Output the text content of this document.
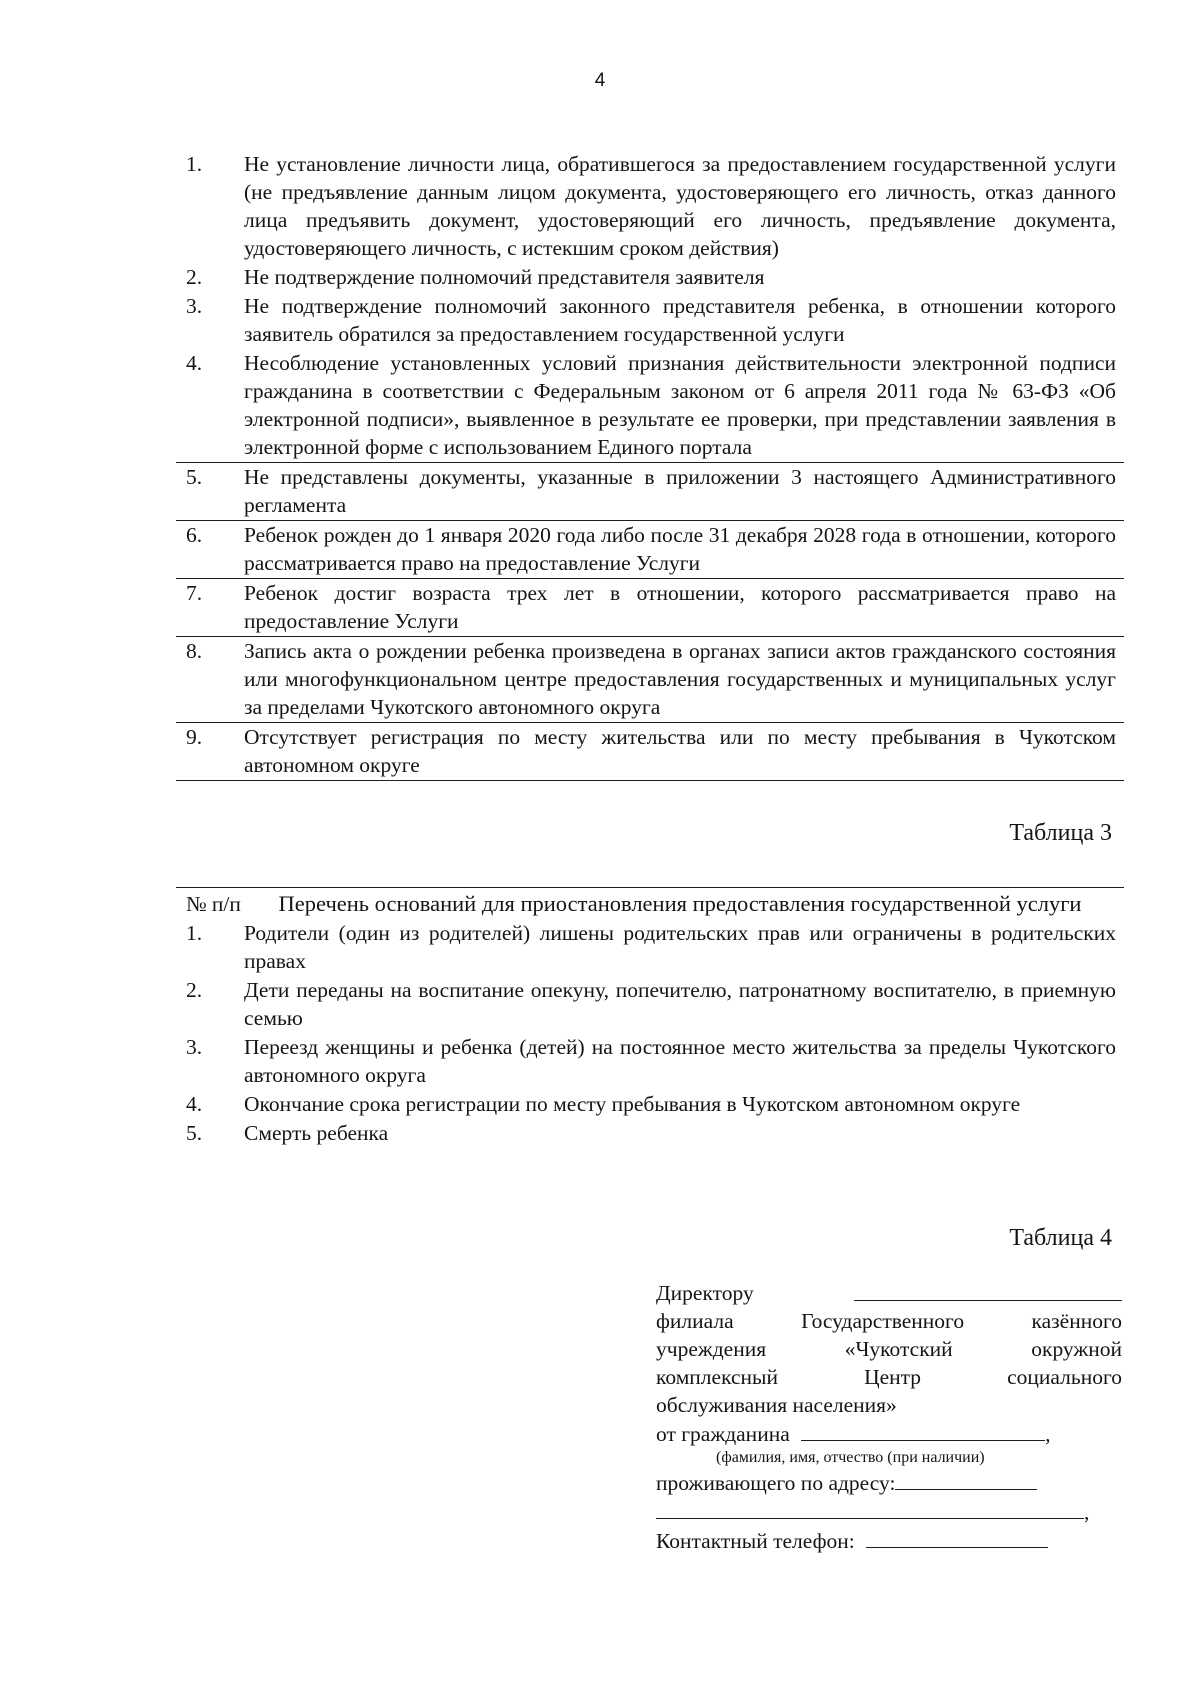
4
1.	Не установление личности лица, обратившегося за предоставлением государственной услуги (не предъявление данным лицом документа, удостоверяющего его личность, отказ данного лица предъявить документ, удостоверяющий его личность, предъявление документа, удостоверяющего личность, с истекшим сроком действия)
2.	Не подтверждение полномочий представителя заявителя
3.	Не подтверждение полномочий законного представителя ребенка, в отношении которого заявитель обратился за предоставлением государственной услуги
4.	Несоблюдение установленных условий признания действительности электронной подписи гражданина в соответствии с Федеральным законом от 6 апреля 2011 года № 63-ФЗ «Об электронной подписи», выявленное в результате ее проверки, при представлении заявления в электронной форме с использованием Единого портала
5.	Не представлены документы, указанные в приложении 3 настоящего Административного регламента
6.	Ребенок рожден до 1 января 2020 года либо после 31 декабря 2028 года в отношении, которого рассматривается право на предоставление Услуги
7.	Ребенок достиг возраста трех лет в отношении, которого рассматривается право на предоставление Услуги
8.	Запись акта о рождении ребенка произведена в органах записи актов гражданского состояния или многофункциональном центре предоставления государственных и муниципальных услуг за пределами Чукотского автономного округа
9.	Отсутствует регистрация по месту жительства или по месту пребывания в Чукотском автономном округе
Таблица 3
№ п/п	Перечень оснований для приостановления предоставления государственной услуги
1.	Родители (один из родителей) лишены родительских прав или ограничены в родительских правах
2.	Дети переданы на воспитание опекуну, попечителю, патронатному воспитателю, в приемную семью
3.	Переезд женщины и ребенка (детей) на постоянное место жительства за пределы Чукотского автономного округа
4.	Окончание срока регистрации по месту пребывания в Чукотском автономном округе
5.	Смерть ребенка
Таблица 4
Директору
филиала Государственного казённого
учреждения «Чукотский окружной
комплексный Центр социального
обслуживания населения»
от гражданина	,
(фамилия, имя, отчество (при наличии)
проживающего по адресу:
,
Контактный телефон:
